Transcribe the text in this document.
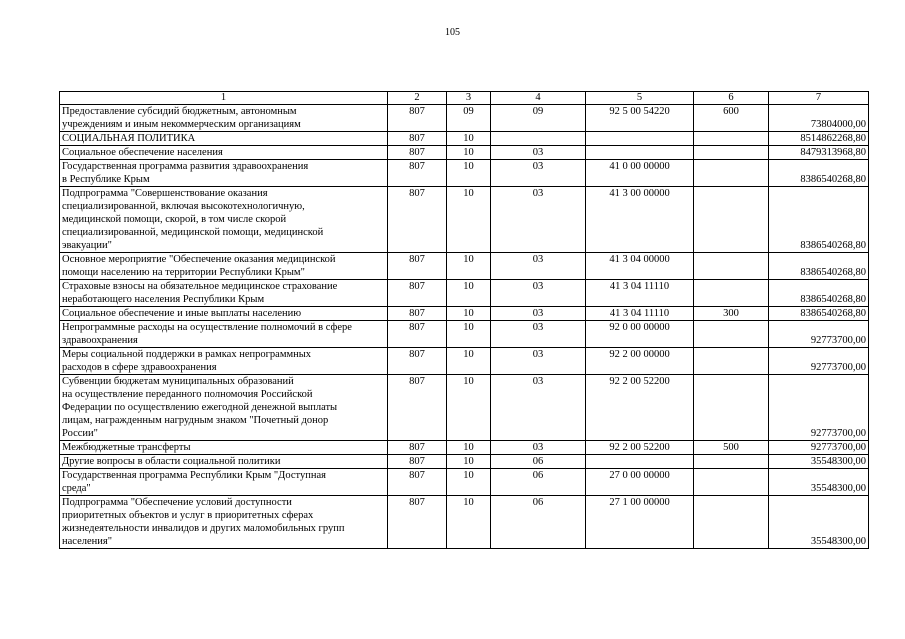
105
1	2	3	4	5	6	7

Предоставление субсидий бюджетным, автономным
учреждениям и иным некоммерческим организациям	807	09	09	92 5 00 54220	600	73804000,00

СОЦИАЛЬНАЯ ПОЛИТИКА	807	10				8514862268,80

Социальное обеспечение населения	807	10	03			8479313968,80

Государственная программа развития здравоохранения
в Республике Крым	807	10	03	41 0 00 00000		8386540268,80

Подпрограмма "Совершенствование оказания
специализированной, включая высокотехнологичную,
медицинской помощи, скорой, в том числе скорой
специализированной, медицинской помощи, медицинской
эвакуации"	807	10	03	41 3 00 00000		8386540268,80

Основное мероприятие "Обеспечение оказания медицинской
помощи населению на территории Республики Крым"	807	10	03	41 3 04 00000		8386540268,80

Страховые взносы на обязательное медицинское страхование
неработающего населения Республики Крым	807	10	03	41 3 04 11110		8386540268,80

Социальное обеспечение и иные выплаты населению	807	10	03	41 3 04 11110	300	8386540268,80

Непрограммные расходы на осуществление полномочий в сфере
здравоохранения	807	10	03	92 0 00 00000		92773700,00

Меры социальной поддержки в рамках непрограммных
расходов в сфере здравоохранения	807	10	03	92 2 00 00000		92773700,00

Субвенции бюджетам муниципальных образований
на осуществление переданного полномочия Российской
Федерации по осуществлению ежегодной денежной выплаты
лицам, награжденным нагрудным знаком "Почетный донор
России"	807	10	03	92 2 00 52200		92773700,00

Межбюджетные трансферты	807	10	03	92 2 00 52200	500	92773700,00

Другие вопросы в области социальной политики	807	10	06			35548300,00

Государственная программа Республики Крым "Доступная
среда"	807	10	06	27 0 00 00000		35548300,00

Подпрограмма "Обеспечение условий доступности
приоритетных объектов и услуг в приоритетных сферах
жизнедеятельности инвалидов и других маломобильных групп
населения"	807	10	06	27 1 00 00000		35548300,00
